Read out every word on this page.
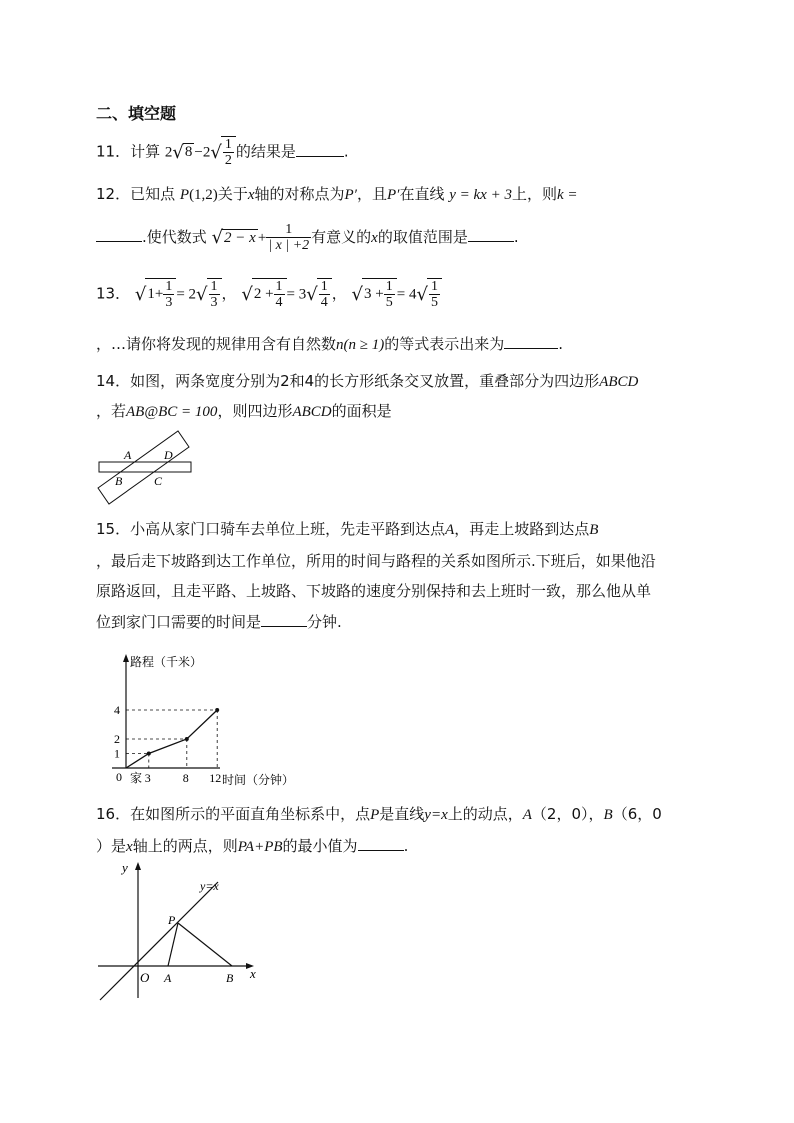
二、填空题
11．计算 $2√8 -2√ \frac{1}{2}$ 的结果是	.
12．已知点 P(1,2)关于x轴的对称点为P′，且P′在直线 y = kx + 3上，则k =
.使代数式 $√2 - x + \frac{1}{| x | +2}$ 有意义的x的取值范围是	.
13． $√1+ \frac{1}{3} = 2√ \frac{1}{3}$ ， $√2 + \frac{1}{4} = 3√ \frac{1}{4}$ ， $√3 + \frac{1}{5} = 4√ \frac{1}{5}$
，…请你将发现的规律用含有自然数n(n ≥ 1)的等式表示出来为	.
14．如图，两条宽度分别为2和4的长方形纸条交叉放置，重叠部分为四边形ABCD
，若AB@BC = 100，则四边形ABCD的面积是
A	D
B	C
15．小高从家门口骑车去单位上班，先走平路到达点A，再走上坡路到达点B
，最后走下坡路到达工作单位，所用的时间与路程的关系如图所示.下班后，如果他沿
原路返回，且走平路、上坡路、下坡路的速度分别保持和去上班时一致，那么他从单
位到家门口需要的时间是	分钟.
路程（千米）
时间（分钟）
0 家 3
1
8
2
12
4
16．在如图所示的平面直角坐标系中，点P是直线y=x上的动点，A（2，0），B（6，0
）是x轴上的两点，则PA+PB的最小值为	.
y
x
O A	B
P
y=x
